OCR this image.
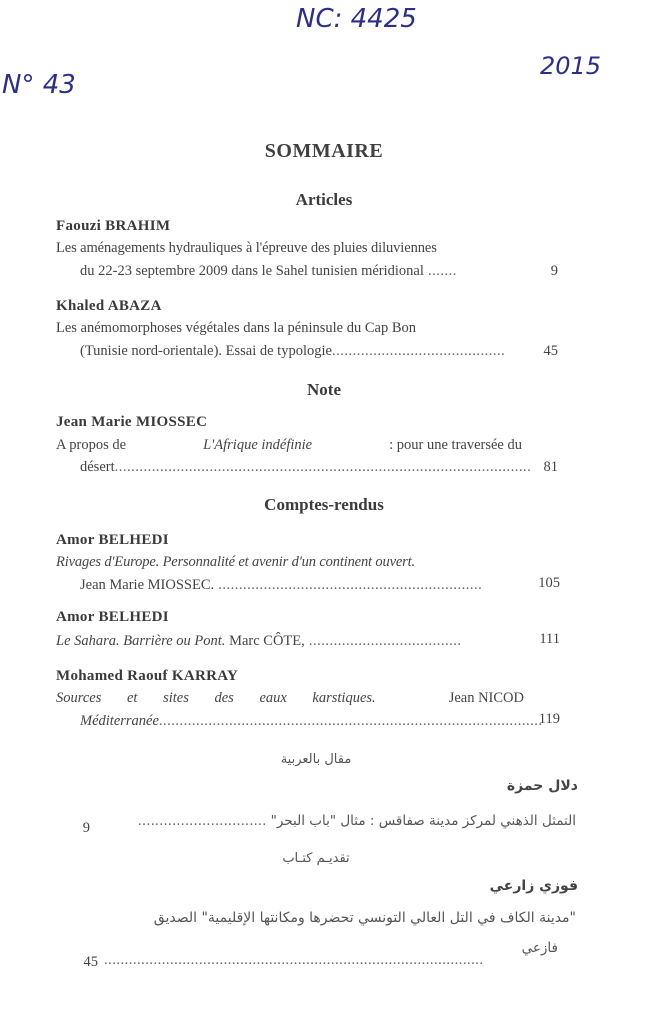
NC: 4425
N° 43
2015
SOMMAIRE
Articles
Faouzi BRAHIM
Les aménagements hydrauliques à l'épreuve des pluies diluviennes
du 22-23 septembre 2009 dans le Sahel tunisien méridional .......	9
Khaled ABAZA
Les anémomorphoses végétales dans la péninsule du Cap Bon
(Tunisie nord-orientale). Essai de typologie..........................................	45
Note
Jean Marie MIOSSEC
A propos de	L'Afrique indéfinie	: pour une traversée du
désert..................................................................................................... 81
Comptes-rendus
Amor BELHEDI
Rivages d'Europe. Personnalité et avenir d'un continent ouvert.
Jean Marie MIOSSEC. ................................................................	105
Amor BELHEDI
Le Sahara. Barrière ou Pont. Marc CÔTE, .....................................	111
Mohamed Raouf KARRAY
Sources et sites des eaux karstiques.	Jean NICOD
Méditerranée.............................................................................................
119
مقال بالعربية
دلال حمزة
التمثل الذهني لمركز مدينة صفاقس : مثال "باب البحر" ..............................
9
تقديـم كتـاب
فوزي زارعي
"مدينة الكاف في التل العالي التونسي تحضرها ومكانتها الإقليمية" الصديق
فازعي
............................................................................................
45
